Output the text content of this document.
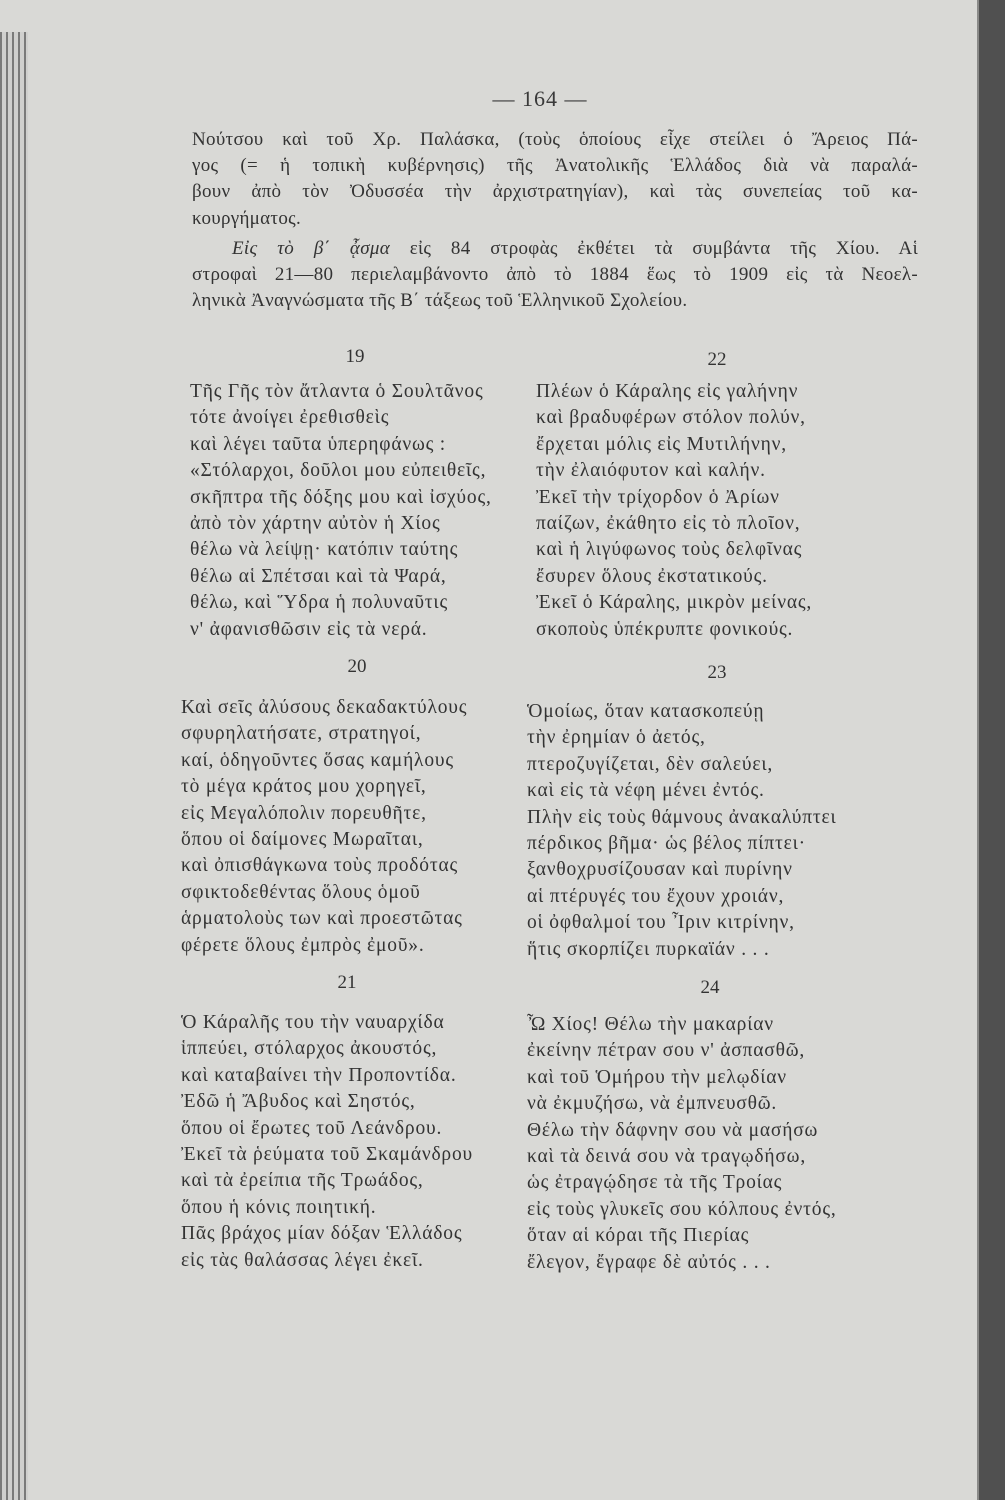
— 164 —
Νούτσου καὶ τοῦ Χρ. Παλάσκα, (τοὺς ὁποίους εἶχε στείλει ὁ Ἄρειος Πά-
γος (= ἡ τοπικὴ κυβέρνησις) τῆς Ἀνατολικῆς Ἑλλάδος διὰ νὰ παραλά-
βουν ἀπὸ τὸν Ὀδυσσέα τὴν ἀρχιστρατηγίαν), καὶ τὰς συνεπείας τοῦ κα-
κουργήματος.
Εἰς τὸ β΄ ᾆσμα εἰς 84 στροφὰς ἐκθέτει τὰ συμβάντα τῆς Χίου. Αἱ
στροφαὶ 21—80 περιελαμβάνοντο ἀπὸ τὸ 1884 ἕως τὸ 1909 εἰς τὰ Νεοελ-
ληνικὰ Ἀναγνώσματα τῆς Β΄ τάξεως τοῦ Ἑλληνικοῦ Σχολείου.
19
Τῆς Γῆς τὸν ἄτλαντα ὁ Σουλτᾶνος
τότε ἀνοίγει ἐρεθισθεὶς
καὶ λέγει ταῦτα ὑπερηφάνως :
«Στόλαρχοι, δοῦλοι μου εὐπειθεῖς,
σκῆπτρα τῆς δόξης μου καὶ ἰσχύος,
ἀπὸ τὸν χάρτην αὐτὸν ἡ Χίος
θέλω νὰ λείψῃ· κατόπιν ταύτης
θέλω αἱ Σπέτσαι καὶ τὰ Ψαρά,
θέλω, καὶ Ὕδρα ἡ πολυναῦτις
ν' ἀφανισθῶσιν εἰς τὰ νερά.
20
Καὶ σεῖς ἀλύσους δεκαδακτύλους
σφυρηλατήσατε, στρατηγοί,
καί, ὁδηγοῦντες ὅσας καμήλους
τὸ μέγα κράτος μου χορηγεῖ,
εἰς Μεγαλόπολιν πορευθῆτε,
ὅπου οἱ δαίμονες Μωραῖται,
καὶ ὀπισθάγκωνα τοὺς προδότας
σφικτοδεθέντας ὅλους ὁμοῦ
ἁρματολοὺς των καὶ προεστῶτας
φέρετε ὅλους ἐμπρὸς ἐμοῦ».
21
Ὁ Κάραλῆς του τὴν ναυαρχίδα
ἱππεύει, στόλαρχος ἀκουστός,
καὶ καταβαίνει τὴν Προποντίδα.
Ἐδῶ ἡ Ἄβυδος καὶ Σηστός,
ὅπου οἱ ἔρωτες τοῦ Λεάνδρου.
Ἐκεῖ τὰ ῥεύματα τοῦ Σκαμάνδρου
καὶ τὰ ἐρείπια τῆς Τρωάδος,
ὅπου ἡ κόνις ποιητική.
Πᾶς βράχος μίαν δόξαν Ἑλλάδος
εἰς τὰς θαλάσσας λέγει ἐκεῖ.
22
Πλέων ὁ Κάραλης εἰς γαλήνην
καὶ βραδυφέρων στόλον πολύν,
ἔρχεται μόλις εἰς Μυτιλήνην,
τὴν ἐλαιόφυτον καὶ καλήν.
Ἐκεῖ τὴν τρίχορδον ὁ Ἀρίων
παίζων, ἐκάθητο εἰς τὸ πλοῖον,
καὶ ἡ λιγύφωνος τοὺς δελφῖνας
ἔσυρεν ὅλους ἐκστατικούς.
Ἐκεῖ ὁ Κάραλης, μικρὸν μείνας,
σκοποὺς ὑπέκρυπτε φονικούς.
23
Ὁμοίως, ὅταν κατασκοπεύῃ
τὴν ἐρημίαν ὁ ἀετός,
πτεροζυγίζεται, δὲν σαλεύει,
καὶ εἰς τὰ νέφη μένει ἐντός.
Πλὴν εἰς τοὺς θάμνους ἀνακαλύπτει
πέρδικος βῆμα· ὡς βέλος πίπτει·
ξανθοχρυσίζουσαν καὶ πυρίνην
αἱ πτέρυγές του ἔχουν χροιάν,
οἱ ὀφθαλμοί του Ἶριν κιτρίνην,
ἥτις σκορπίζει πυρκαϊάν . . .
24
Ὦ Χίος! Θέλω τὴν μακαρίαν
ἐκείνην πέτραν σου ν' ἀσπασθῶ,
καὶ τοῦ Ὁμήρου τὴν μελῳδίαν
νὰ ἐκμυζήσω, νὰ ἐμπνευσθῶ.
Θέλω τὴν δάφνην σου νὰ μασήσω
καὶ τὰ δεινά σου νὰ τραγῳδήσω,
ὡς ἐτραγῴδησε τὰ τῆς Τροίας
εἰς τοὺς γλυκεῖς σου κόλπους ἐντός,
ὅταν αἱ κόραι τῆς Πιερίας
ἔλεγον, ἔγραφε δὲ αὐτός . . .
